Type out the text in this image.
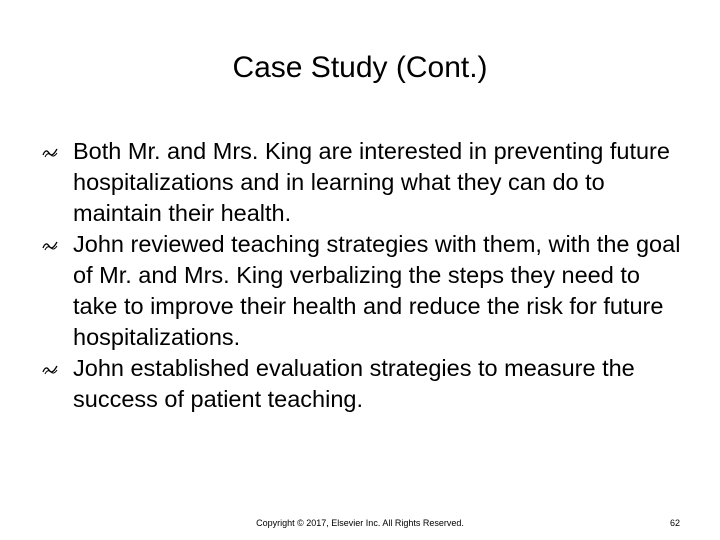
Case Study (Cont.)
Both Mr. and Mrs. King are interested in preventing future hospitalizations and in learning what they can do to maintain their health.
John reviewed teaching strategies with them, with the goal of Mr. and Mrs. King verbalizing the steps they need to take to improve their health and reduce the risk for future hospitalizations.
John established evaluation strategies to measure the success of patient teaching.

Copyright © 2017, Elsevier Inc. All Rights Reserved.	62
